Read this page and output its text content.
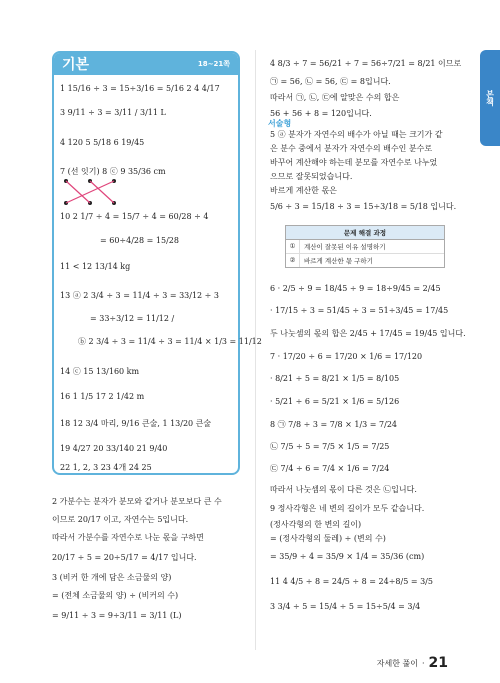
본책
기본	18~21쪽
1 15/16 ÷ 3 = 15÷3/16 = 5/16 2 4 4/17
3 9/11 ÷ 3 = 3/11 / 3/11 L
4 120 5 5/18 6 19/45
7 (선 잇기) 8 ⓒ 9 35/36 cm
10 2 1/7 ÷ 4 = 15/7 ÷ 4 = 60/28 ÷ 4
= 60÷4/28 = 15/28
11 < 12 13/14 kg
13 ⓐ 2 3/4 ÷ 3 = 11/4 ÷ 3 = 33/12 ÷ 3
= 33÷3/12 = 11/12 /
ⓑ 2 3/4 ÷ 3 = 11/4 ÷ 3 = 11/4 × 1/3 = 11/12
14 ⓒ 15 13/160 km
16 1 1/5 17 2 1/42 m
18 12 3/4 마리, 9/16 큰술, 1 13/20 큰술
19 4/27 20 33/140 21 9/40
22 1, 2, 3 23 4개 24 25
2 가분수는 분자가 분모와 같거나 분모보다 큰 수
이므로 20/17 이고, 자연수는 5입니다.
따라서 가분수를 자연수로 나눈 몫을 구하면
20/17 ÷ 5 = 20÷5/17 = 4/17 입니다.
3 (비커 한 개에 담은 소금물의 양)
= (전체 소금물의 양) ÷ (비커의 수)
= 9/11 ÷ 3 = 9÷3/11 = 3/11 (L)
4 8/3 ÷ 7 = 56/21 ÷ 7 = 56÷7/21 = 8/21 이므로
㉠ = 56, ㉡ = 56, ㉢ = 8입니다.
따라서 ㉠, ㉡, ㉢에 알맞은 수의 합은
56 + 56 + 8 = 120입니다.
서술형
5 ⓐ 분자가 자연수의 배수가 아닐 때는 크기가 같
은 분수 중에서 분자가 자연수의 배수인 분수로
바꾸어 계산해야 하는데 분모를 자연수로 나누었
으므로 잘못되었습니다.
바르게 계산한 몫은
5/6 ÷ 3 = 15/18 ÷ 3 = 15÷3/18 = 5/18 입니다.
문제 해결 과정
①	계산이 잘못된 이유 설명하기
②	바르게 계산한 몫 구하기
6 · 2/5 ÷ 9 = 18/45 ÷ 9 = 18÷9/45 = 2/45
· 17/15 ÷ 3 = 51/45 ÷ 3 = 51÷3/45 = 17/45
두 나눗셈의 몫의 합은 2/45 + 17/45 = 19/45 입니다.
7 · 17/20 ÷ 6 = 17/20 × 1/6 = 17/120
· 8/21 ÷ 5 = 8/21 × 1/5 = 8/105
· 5/21 ÷ 6 = 5/21 × 1/6 = 5/126
8 ㉠ 7/8 ÷ 3 = 7/8 × 1/3 = 7/24
㉡ 7/5 ÷ 5 = 7/5 × 1/5 = 7/25
㉢ 7/4 ÷ 6 = 7/4 × 1/6 = 7/24
따라서 나눗셈의 몫이 다른 것은 ㉡입니다.
9 정사각형은 네 변의 길이가 모두 같습니다.
(정사각형의 한 변의 길이)
= (정사각형의 둘레) ÷ (변의 수)
= 35/9 ÷ 4 = 35/9 × 1/4 = 35/36 (cm)
11 4 4/5 ÷ 8 = 24/5 ÷ 8 = 24÷8/5 = 3/5
3 3/4 ÷ 5 = 15/4 ÷ 5 = 15÷5/4 = 3/4
자세한 풀이 · 21
